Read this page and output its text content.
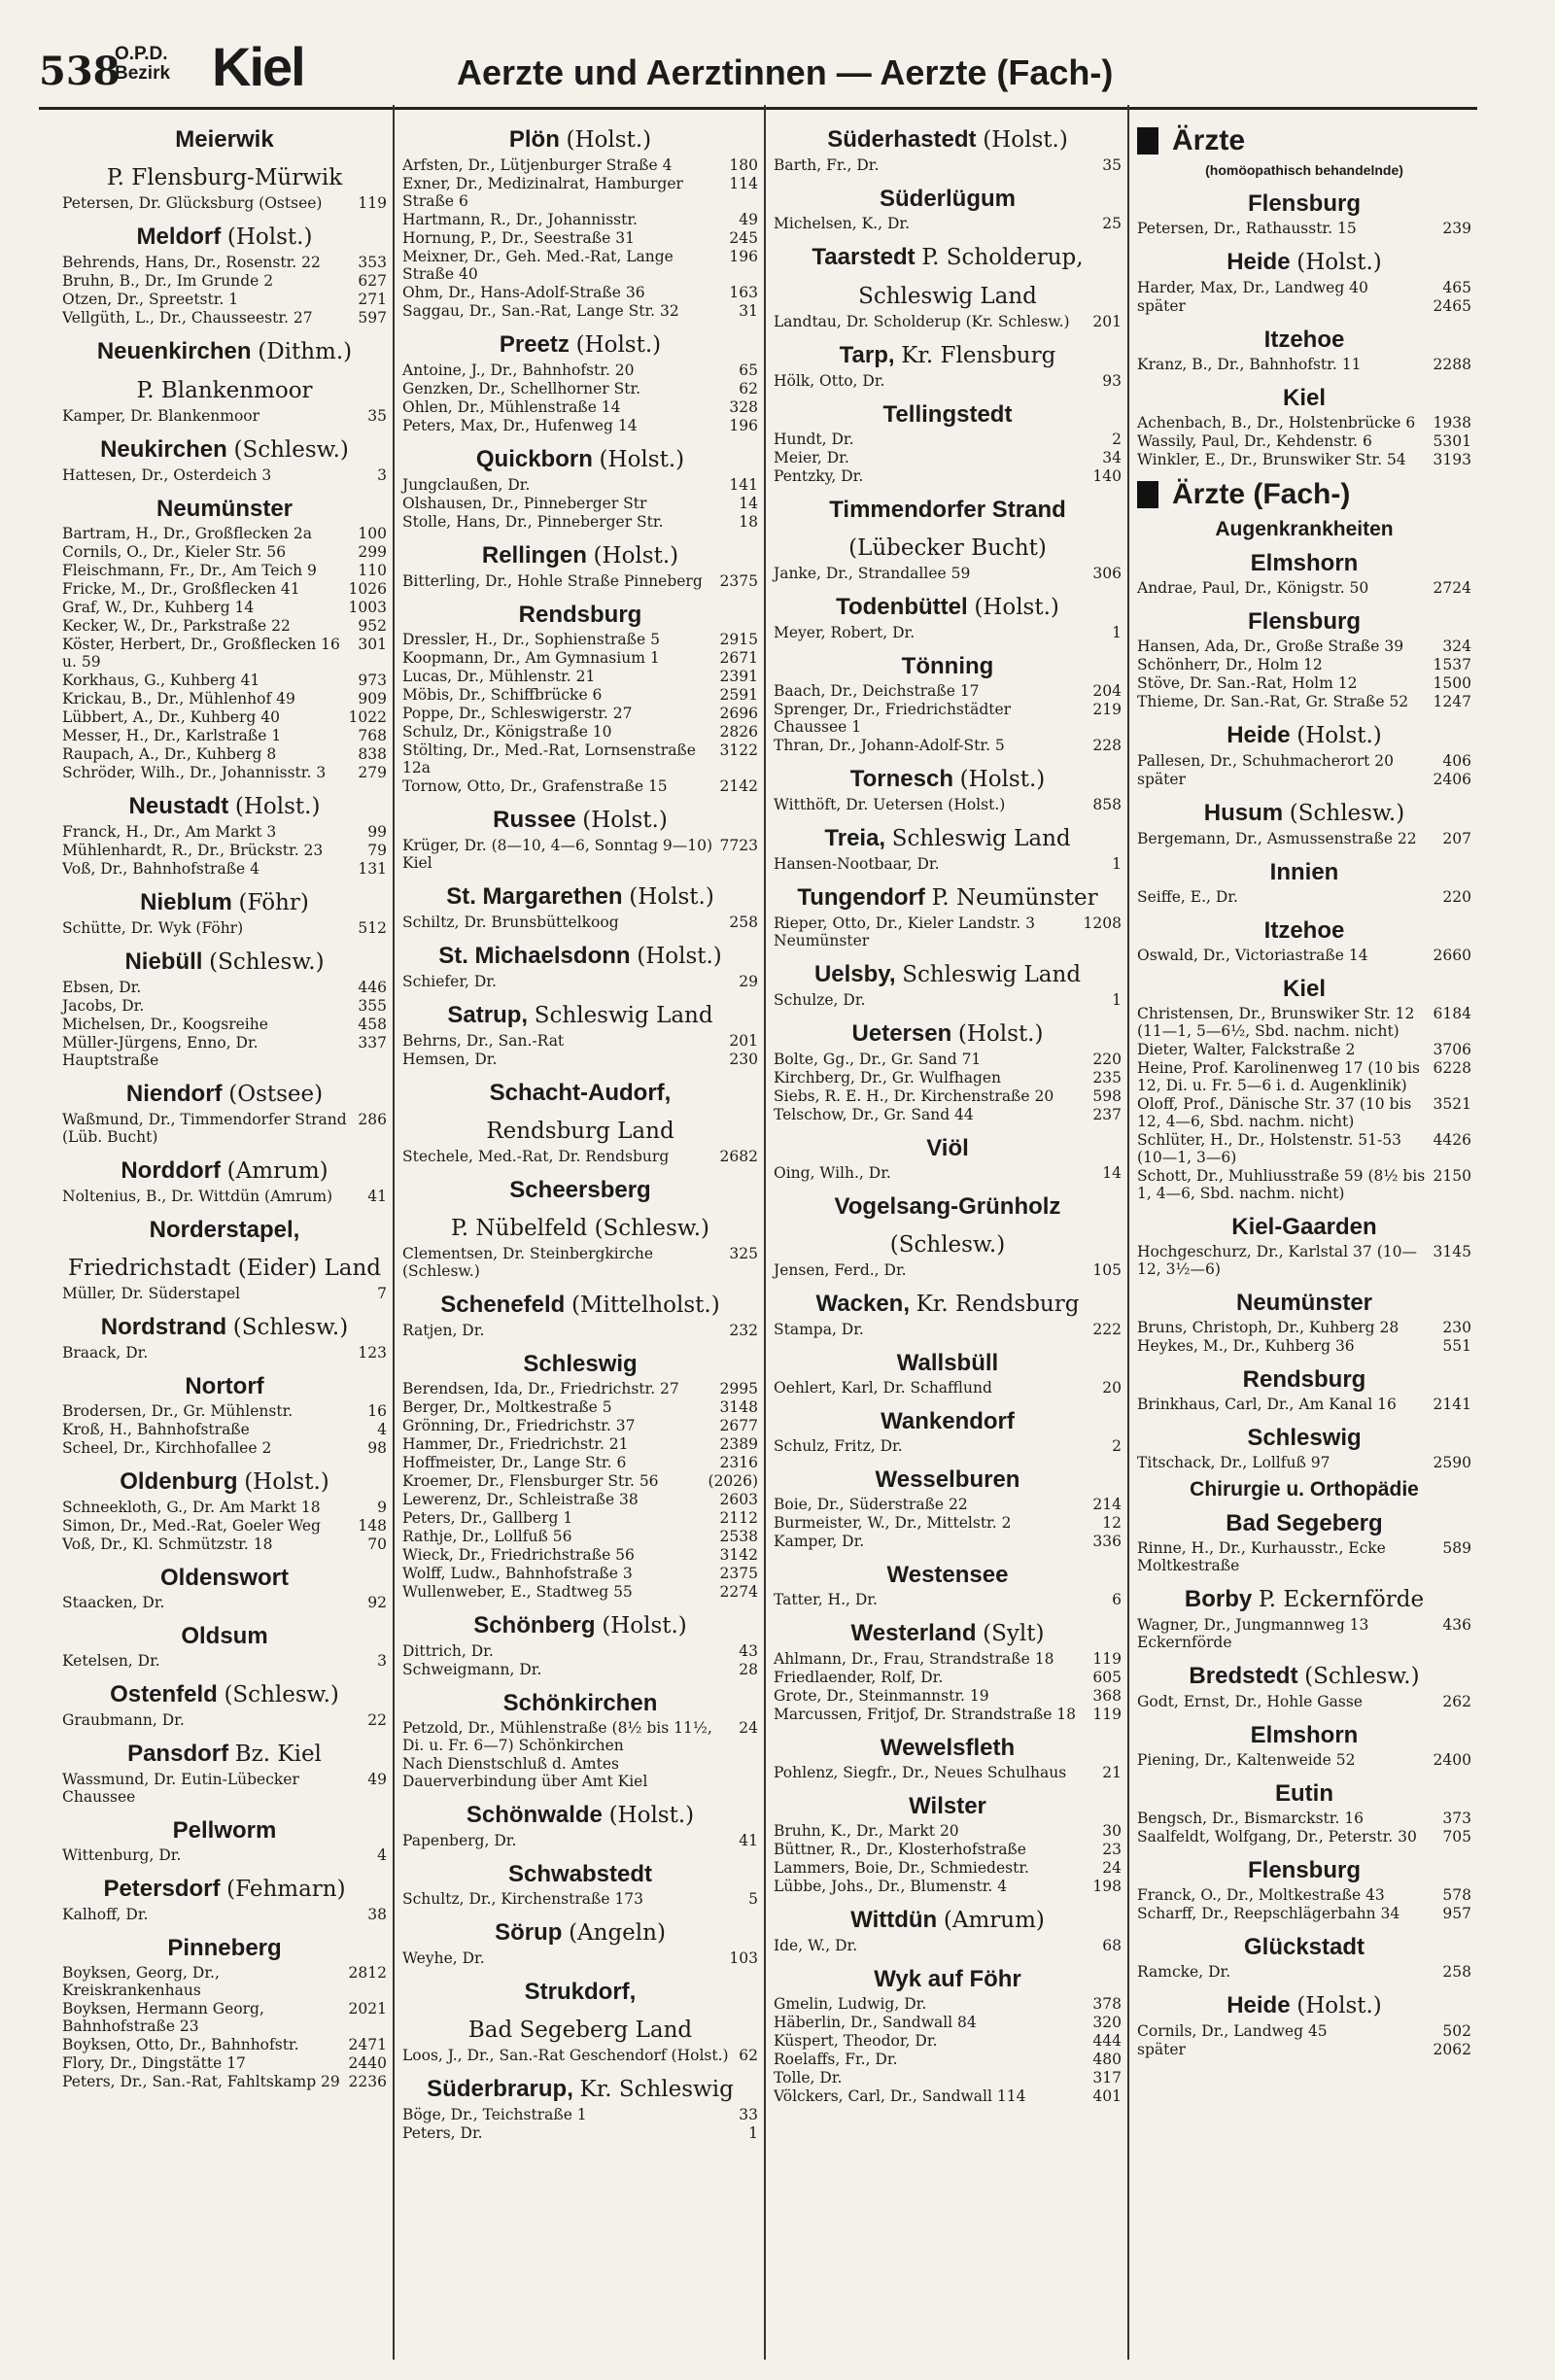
538
O.P.D.
Bezirk Kiel	Aerzte und Aerztinnen — Aerzte (Fach-)
Meierwik
P. Flensburg-Mürwik
Petersen, Dr. Glücksburg (Ostsee)	119
Meldorf (Holst.)
Behrends, Hans, Dr., Rosenstr. 22	353
Bruhn, B., Dr., Im Grunde 2	627
Otzen, Dr., Spreetstr. 1	271
Vellgüth, L., Dr., Chausseestr. 27	597
Neuenkirchen (Dithm.)
P. Blankenmoor
Kamper, Dr. Blankenmoor	35
Neukirchen (Schlesw.)
Hattesen, Dr., Osterdeich 3	3
Neumünster
Bartram, H., Dr., Großflecken 2a	100
Cornils, O., Dr., Kieler Str. 56	299
Fleischmann, Fr., Dr., Am Teich 9	110
Fricke, M., Dr., Großflecken 41	1026
Graf, W., Dr., Kuhberg 14	1003
Kecker, W., Dr., Parkstraße 22	952
Köster, Herbert, Dr., Großflecken 16 u. 59
301
Korkhaus, G., Kuhberg 41	973
Krickau, B., Dr., Mühlenhof 49	909
Lübbert, A., Dr., Kuhberg 40	1022
Messer, H., Dr., Karlstraße 1	768
Raupach, A., Dr., Kuhberg 8	838
Schröder, Wilh., Dr., Johannisstr. 3	279
Neustadt (Holst.)
Franck, H., Dr., Am Markt 3	99
Mühlenhardt, R., Dr., Brückstr. 23	79
Voß, Dr., Bahnhofstraße 4	131
Nieblum (Föhr)
Schütte, Dr. Wyk (Föhr)	512
Niebüll (Schlesw.)
Ebsen, Dr.	446
Jacobs, Dr.	355
Michelsen, Dr., Koogsreihe	458
Müller-Jürgens, Enno, Dr. Hauptstraße
337
Niendorf (Ostsee)
Waßmund, Dr., Timmendorfer Strand (Lüb. Bucht)
286
Norddorf (Amrum)
Noltenius, B., Dr. Wittdün (Amrum)	41
Norderstapel,
Friedrichstadt (Eider) Land
Müller, Dr. Süderstapel	7
Nordstrand (Schlesw.)
Braack, Dr.	123
Nortorf
Brodersen, Dr., Gr. Mühlenstr.	16
Kroß, H., Bahnhofstraße	4
Scheel, Dr., Kirchhofallee 2	98
Oldenburg (Holst.)
Schneekloth, G., Dr. Am Markt 18	9
Simon, Dr., Med.-Rat, Goeler Weg	148
Voß, Dr., Kl. Schmützstr. 18	70
Oldenswort
Staacken, Dr.	92
Oldsum
Ketelsen, Dr.	3
Ostenfeld (Schlesw.)
Graubmann, Dr.	22
Pansdorf Bz. Kiel
Wassmund, Dr. Eutin-Lübecker Chaussee
49
Pellworm
Wittenburg, Dr.	4
Petersdorf (Fehmarn)
Kalhoff, Dr.	38
Pinneberg
Boyksen, Georg, Dr., Kreiskrankenhaus
2812
Boyksen, Hermann Georg, Bahnhofstraße 23
2021
Boyksen, Otto, Dr., Bahnhofstr.	2471
Flory, Dr., Dingstätte 17	2440
Peters, Dr., San.-Rat, Fahltskamp 29 2236
Plön (Holst.)
Arfsten, Dr., Lütjenburger Straße 4	180
Exner, Dr., Medizinalrat, Hamburger Straße 6
114
Hartmann, R., Dr., Johannisstr.	49
Hornung, P., Dr., Seestraße 31	245
Meixner, Dr., Geh. Med.-Rat, Lange Straße 40
196
Ohm, Dr., Hans-Adolf-Straße 36	163
Saggau, Dr., San.-Rat, Lange Str. 32	31
Preetz (Holst.)
Antoine, J., Dr., Bahnhofstr. 20	65
Genzken, Dr., Schellhorner Str.	62
Ohlen, Dr., Mühlenstraße 14	328
Peters, Max, Dr., Hufenweg 14	196
Quickborn (Holst.)
Jungclaußen, Dr.	141
Olshausen, Dr., Pinneberger Str	14
Stolle, Hans, Dr., Pinneberger Str.	18
Rellingen (Holst.)
Bitterling, Dr., Hohle Straße Pinneberg	2375
Rendsburg
Dressler, H., Dr., Sophienstraße 5	2915
Koopmann, Dr., Am Gymnasium 1	2671
Lucas, Dr., Mühlenstr. 21	2391
Möbis, Dr., Schiffbrücke 6	2591
Poppe, Dr., Schleswigerstr. 27	2696
Schulz, Dr., Königstraße 10	2826
Stölting, Dr., Med.-Rat, Lornsenstraße 12a
3122
Tornow, Otto, Dr., Grafenstraße 15	2142
Russee (Holst.)
Krüger, Dr. (8—10, 4—6, Sonntag 9—10) Kiel
7723
St. Margarethen (Holst.)
Schiltz, Dr. Brunsbüttelkoog	258
St. Michaelsdonn (Holst.)
Schiefer, Dr.	29
Satrup, Schleswig Land
Behrns, Dr., San.-Rat	201
Hemsen, Dr.	230
Schacht-Audorf,
Rendsburg Land
Stechele, Med.-Rat, Dr. Rendsburg	2682
Scheersberg
P. Nübelfeld (Schlesw.)
Clementsen, Dr. Steinbergkirche (Schlesw.)
325
Schenefeld (Mittelholst.)
Ratjen, Dr.	232
Schleswig
Berendsen, Ida, Dr., Friedrichstr. 27	2995
Berger, Dr., Moltkestraße 5	3148
Grönning, Dr., Friedrichstr. 37	2677
Hammer, Dr., Friedrichstr. 21	2389
Hoffmeister, Dr., Lange Str. 6	2316
Kroemer, Dr., Flensburger Str. 56	(2026)
Lewerenz, Dr., Schleistraße 38	2603
Peters, Dr., Gallberg 1	2112
Rathje, Dr., Lollfuß 56	2538
Wieck, Dr., Friedrichstraße 56	3142
Wolff, Ludw., Bahnhofstraße 3	2375
Wullenweber, E., Stadtweg 55	2274
Schönberg (Holst.)
Dittrich, Dr.	43
Schweigmann, Dr.	28
Schönkirchen
Petzold, Dr., Mühlenstraße (8½ bis 11½, Di. u. Fr. 6—7) Schönkirchen
24
Nach Dienstschluß d. Amtes Dauerverbindung über Amt Kiel
Schönwalde (Holst.)
Papenberg, Dr.	41
Schwabstedt
Schultz, Dr., Kirchenstraße 173	5
Sörup (Angeln)
Weyhe, Dr.	103
Strukdorf,
Bad Segeberg Land
Loos, J., Dr., San.-Rat Geschendorf (Holst.) 62
Süderbrarup, Kr. Schleswig
Böge, Dr., Teichstraße 1	33
Peters, Dr.	1
Süderhastedt (Holst.)
Barth, Fr., Dr.	35
Süderlügum
Michelsen, K., Dr.	25
Taarstedt P. Scholderup,
Schleswig Land
Landtau, Dr. Scholderup (Kr. Schlesw.)	201
Tarp, Kr. Flensburg
Hölk, Otto, Dr.	93
Tellingstedt
Hundt, Dr.	2
Meier, Dr.	34
Pentzky, Dr.	140
Timmendorfer Strand
(Lübecker Bucht)
Janke, Dr., Strandallee 59	306
Todenbüttel (Holst.)
Meyer, Robert, Dr.	1
Tönning
Baach, Dr., Deichstraße 17	204
Sprenger, Dr., Friedrichstädter Chaussee 1
219
Thran, Dr., Johann-Adolf-Str. 5	228
Tornesch (Holst.)
Witthöft, Dr. Uetersen (Holst.)	858
Treia, Schleswig Land
Hansen-Nootbaar, Dr.	1
Tungendorf P. Neumünster
Rieper, Otto, Dr., Kieler Landstr. 3 Neumünster
1208
Uelsby, Schleswig Land
Schulze, Dr.	1
Uetersen (Holst.)
Bolte, Gg., Dr., Gr. Sand 71	220
Kirchberg, Dr., Gr. Wulfhagen	235
Siebs, R. E. H., Dr. Kirchenstraße 20	598
Telschow, Dr., Gr. Sand 44	237
Viöl
Oing, Wilh., Dr.	14
Vogelsang-Grünholz
(Schlesw.)
Jensen, Ferd., Dr.	105
Wacken, Kr. Rendsburg
Stampa, Dr.	222
Wallsbüll
Oehlert, Karl, Dr. Schafflund	20
Wankendorf
Schulz, Fritz, Dr.	2
Wesselburen
Boie, Dr., Süderstraße 22	214
Burmeister, W., Dr., Mittelstr. 2	12
Kamper, Dr.	336
Westensee
Tatter, H., Dr.	6
Westerland (Sylt)
Ahlmann, Dr., Frau, Strandstraße 18	119
Friedlaender, Rolf, Dr.	605
Grote, Dr., Steinmannstr. 19	368
Marcussen, Fritjof, Dr. Strandstraße 18	119
Wewelsfleth
Pohlenz, Siegfr., Dr., Neues Schulhaus	21
Wilster
Bruhn, K., Dr., Markt 20	30
Büttner, R., Dr., Klosterhofstraße	23
Lammers, Boie, Dr., Schmiedestr.	24
Lübbe, Johs., Dr., Blumenstr. 4	198
Wittdün (Amrum)
Ide, W., Dr.	68
Wyk auf Föhr
Gmelin, Ludwig, Dr.	378
Häberlin, Dr., Sandwall 84	320
Küspert, Theodor, Dr.	444
Roelaffs, Fr., Dr.	480
Tolle, Dr.	317
Völckers, Carl, Dr., Sandwall 114	401
Ärzte
(homöopathisch behandelnde)
Flensburg
Petersen, Dr., Rathausstr. 15	239
Heide (Holst.)
Harder, Max, Dr., Landweg 40	465
später	2465
Itzehoe
Kranz, B., Dr., Bahnhofstr. 11	2288
Kiel
Achenbach, B., Dr., Holstenbrücke 6	1938
Wassily, Paul, Dr., Kehdenstr. 6	5301
Winkler, E., Dr., Brunswiker Str. 54	3193
Ärzte (Fach-)
Augenkrankheiten
Elmshorn
Andrae, Paul, Dr., Königstr. 50	2724
Flensburg
Hansen, Ada, Dr., Große Straße 39	324
Schönherr, Dr., Holm 12	1537
Stöve, Dr. San.-Rat, Holm 12	1500
Thieme, Dr. San.-Rat, Gr. Straße 52	1247
Heide (Holst.)
Pallesen, Dr., Schuhmacherort 20	406
später	2406
Husum (Schlesw.)
Bergemann, Dr., Asmussenstraße 22	207
Innien
Seiffe, E., Dr.	220
Itzehoe
Oswald, Dr., Victoriastraße 14	2660
Kiel
Christensen, Dr., Brunswiker Str. 12 (11—1, 5—6½, Sbd. nachm. nicht)
6184
Dieter, Walter, Falckstraße 2	3706
Heine, Prof. Karolinenweg 17 (10 bis 12, Di. u. Fr. 5—6 i. d. Augenklinik)
6228
Oloff, Prof., Dänische Str. 37 (10 bis 12, 4—6, Sbd. nachm. nicht)
3521
Schlüter, H., Dr., Holstenstr. 51-53 (10—1, 3—6)
4426
Schott, Dr., Muhliusstraße 59 (8½ bis 1, 4—6, Sbd. nachm. nicht)
2150
Kiel-Gaarden
Hochgeschurz, Dr., Karlstal 37 (10—12, 3½—6)
3145
Neumünster
Bruns, Christoph, Dr., Kuhberg 28	230
Heykes, M., Dr., Kuhberg 36	551
Rendsburg
Brinkhaus, Carl, Dr., Am Kanal 16	2141
Schleswig
Titschack, Dr., Lollfuß 97	2590
Chirurgie u. Orthopädie
Bad Segeberg
Rinne, H., Dr., Kurhausstr., Ecke Moltkestraße
589
Borby P. Eckernförde
Wagner, Dr., Jungmannweg 13 Eckernförde
436
Bredstedt (Schlesw.)
Godt, Ernst, Dr., Hohle Gasse	262
Elmshorn
Piening, Dr., Kaltenweide 52	2400
Eutin
Bengsch, Dr., Bismarckstr. 16	373
Saalfeldt, Wolfgang, Dr., Peterstr. 30	705
Flensburg
Franck, O., Dr., Moltkestraße 43	578
Scharff, Dr., Reepschlägerbahn 34	957
Glückstadt
Ramcke, Dr.	258
Heide (Holst.)
Cornils, Dr., Landweg 45	502
später	2062
